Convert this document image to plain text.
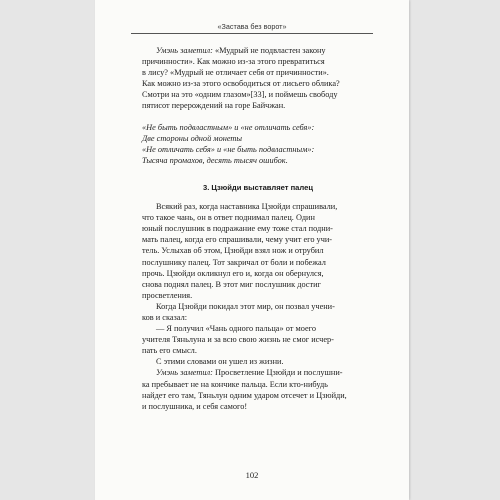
«Застава без ворот»
Умэнь заметил: «Мудрый не подвластен закону
причинности». Как можно из-за этого превратиться
в лису? «Мудрый не отличает себя от причинности».
Как можно из-за этого освободиться от лисьего облика?
Смотри на это «одним глазом»[33], и поймешь свободу
пятисот перерождений на горе Байчжан.
«Не быть подвластным» и «не отличать себя»:
Две стороны одной монеты
«Не отличать себя» и «не быть подвластным»:
Тысяча промахов, десять тысяч ошибок.
3. Цзюйди выставляет палец
Всякий раз, когда наставника Цзюйди спрашивали,
что такое чань, он в ответ поднимал палец. Один
юный послушник в подражание ему тоже стал подни-
мать палец, когда его спрашивали, чему учит его учи-
тель. Услыхав об этом, Цзюйди взял нож и отрубил
послушнику палец. Тот закричал от боли и побежал
прочь. Цзюйди окликнул его и, когда он обернулся,
снова поднял палец. В этот миг послушник достиг
просветления.
Когда Цзюйди покидал этот мир, он позвал учени-
ков и сказал:
— Я получил «Чань одного пальца» от моего
учителя Тяньлуна и за всю свою жизнь не смог исчер-
пать его смысл.
С этими словами он ушел из жизни.
Умэнь заметил: Просветление Цзюйди и послушни-
ка пребывает не на кончике пальца. Если кто-нибудь
найдет его там, Тяньлун одним ударом отсечет и Цзюйди,
и послушника, и себя самого!
102
